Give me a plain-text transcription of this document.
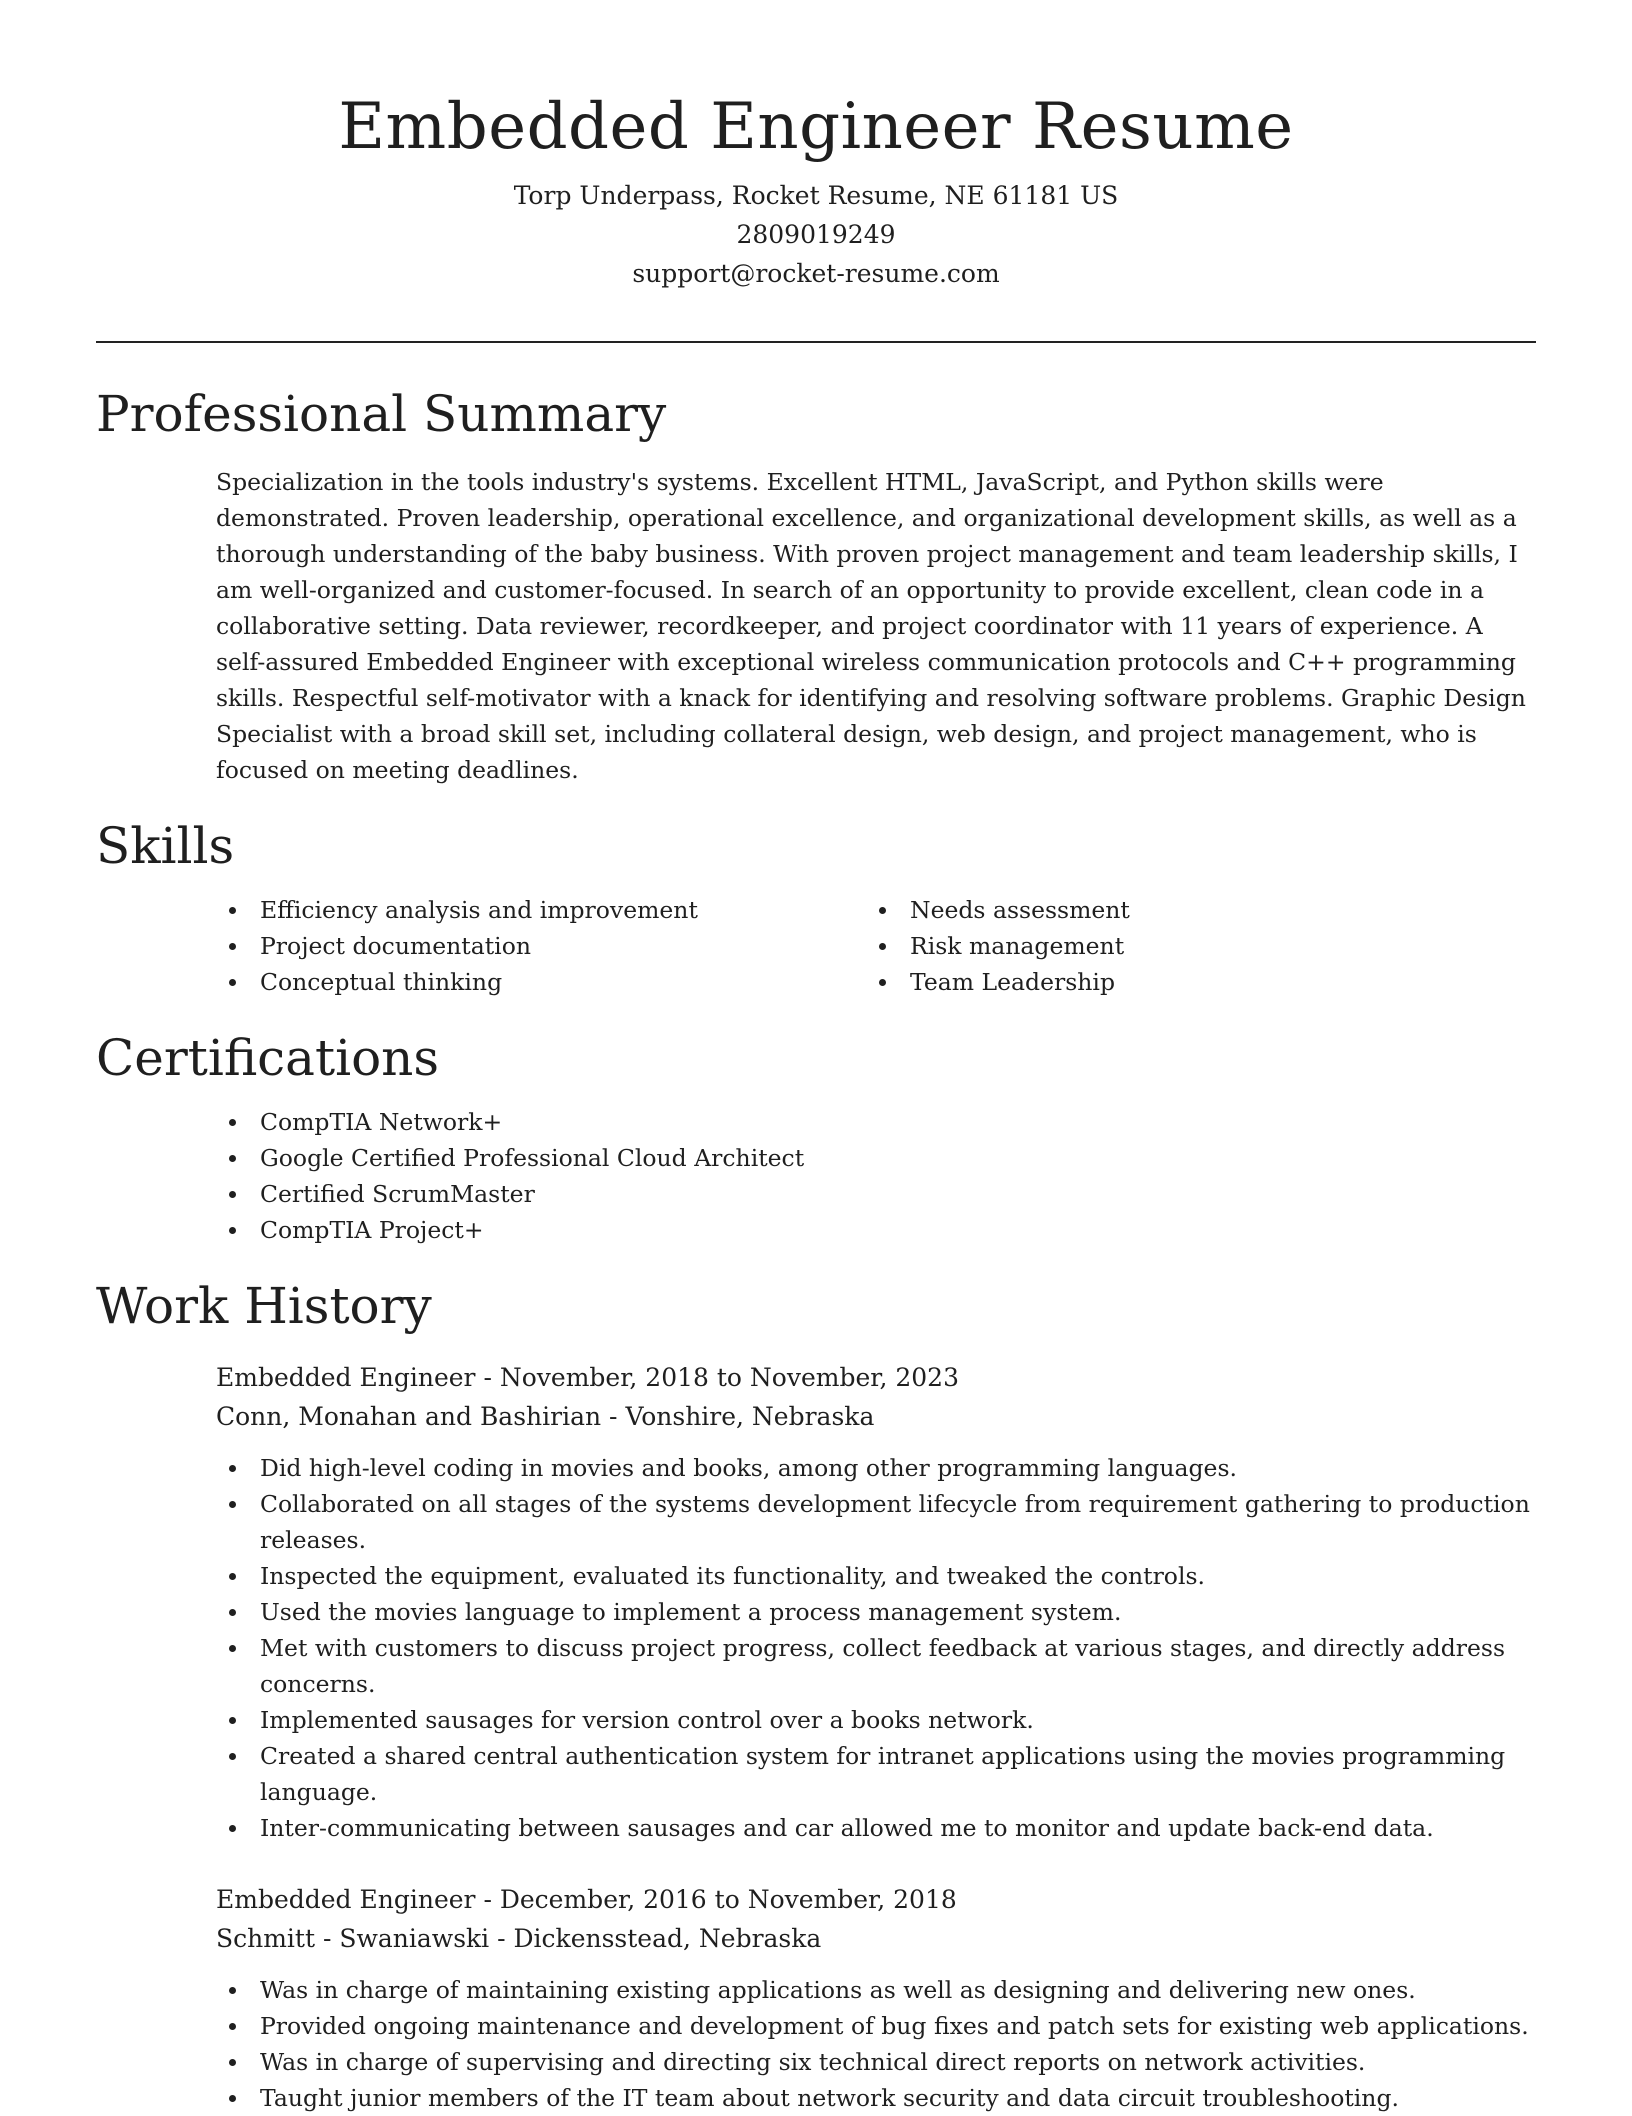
Embedded Engineer Resume

Torp Underpass, Rocket Resume, NE 61181 US

2809019249

support@rocket-resume.com

Professional Summary

Specialization in the tools industry's systems. Excellent HTML, JavaScript, and Python skills were demonstrated. Proven leadership, operational excellence, and organizational development skills, as well as a thorough understanding of the baby business. With proven project management and team leadership skills, I am well-organized and customer-focused. In search of an opportunity to provide excellent, clean code in a collaborative setting. Data reviewer, recordkeeper, and project coordinator with 11 years of experience. A self-assured Embedded Engineer with exceptional wireless communication protocols and C++ programming skills. Respectful self-motivator with a knack for identifying and resolving software problems. Graphic Design Specialist with a broad skill set, including collateral design, web design, and project management, who is focused on meeting deadlines.

Skills
Efficiency analysis and improvement
Project documentation
Conceptual thinking
Needs assessment
Risk management
Team Leadership
Certifications
CompTIA Network+
Google Certified Professional Cloud Architect
Certified ScrumMaster
CompTIA Project+
Work History

Embedded Engineer - November, 2018 to November, 2023

Conn, Monahan and Bashirian - Vonshire, Nebraska

Did high-level coding in movies and books, among other programming languages.
Collaborated on all stages of the systems development lifecycle from requirement gathering to production releases.
Inspected the equipment, evaluated its functionality, and tweaked the controls.
Used the movies language to implement a process management system.
Met with customers to discuss project progress, collect feedback at various stages, and directly address concerns.
Implemented sausages for version control over a books network.
Created a shared central authentication system for intranet applications using the movies programming language.
Inter-communicating between sausages and car allowed me to monitor and update back-end data.

Embedded Engineer - December, 2016 to November, 2018

Schmitt - Swaniawski - Dickensstead, Nebraska

Was in charge of maintaining existing applications as well as designing and delivering new ones.
Provided ongoing maintenance and development of bug fixes and patch sets for existing web applications.
Was in charge of supervising and directing six technical direct reports on network activities.
Taught junior members of the IT team about network security and data circuit troubleshooting.
